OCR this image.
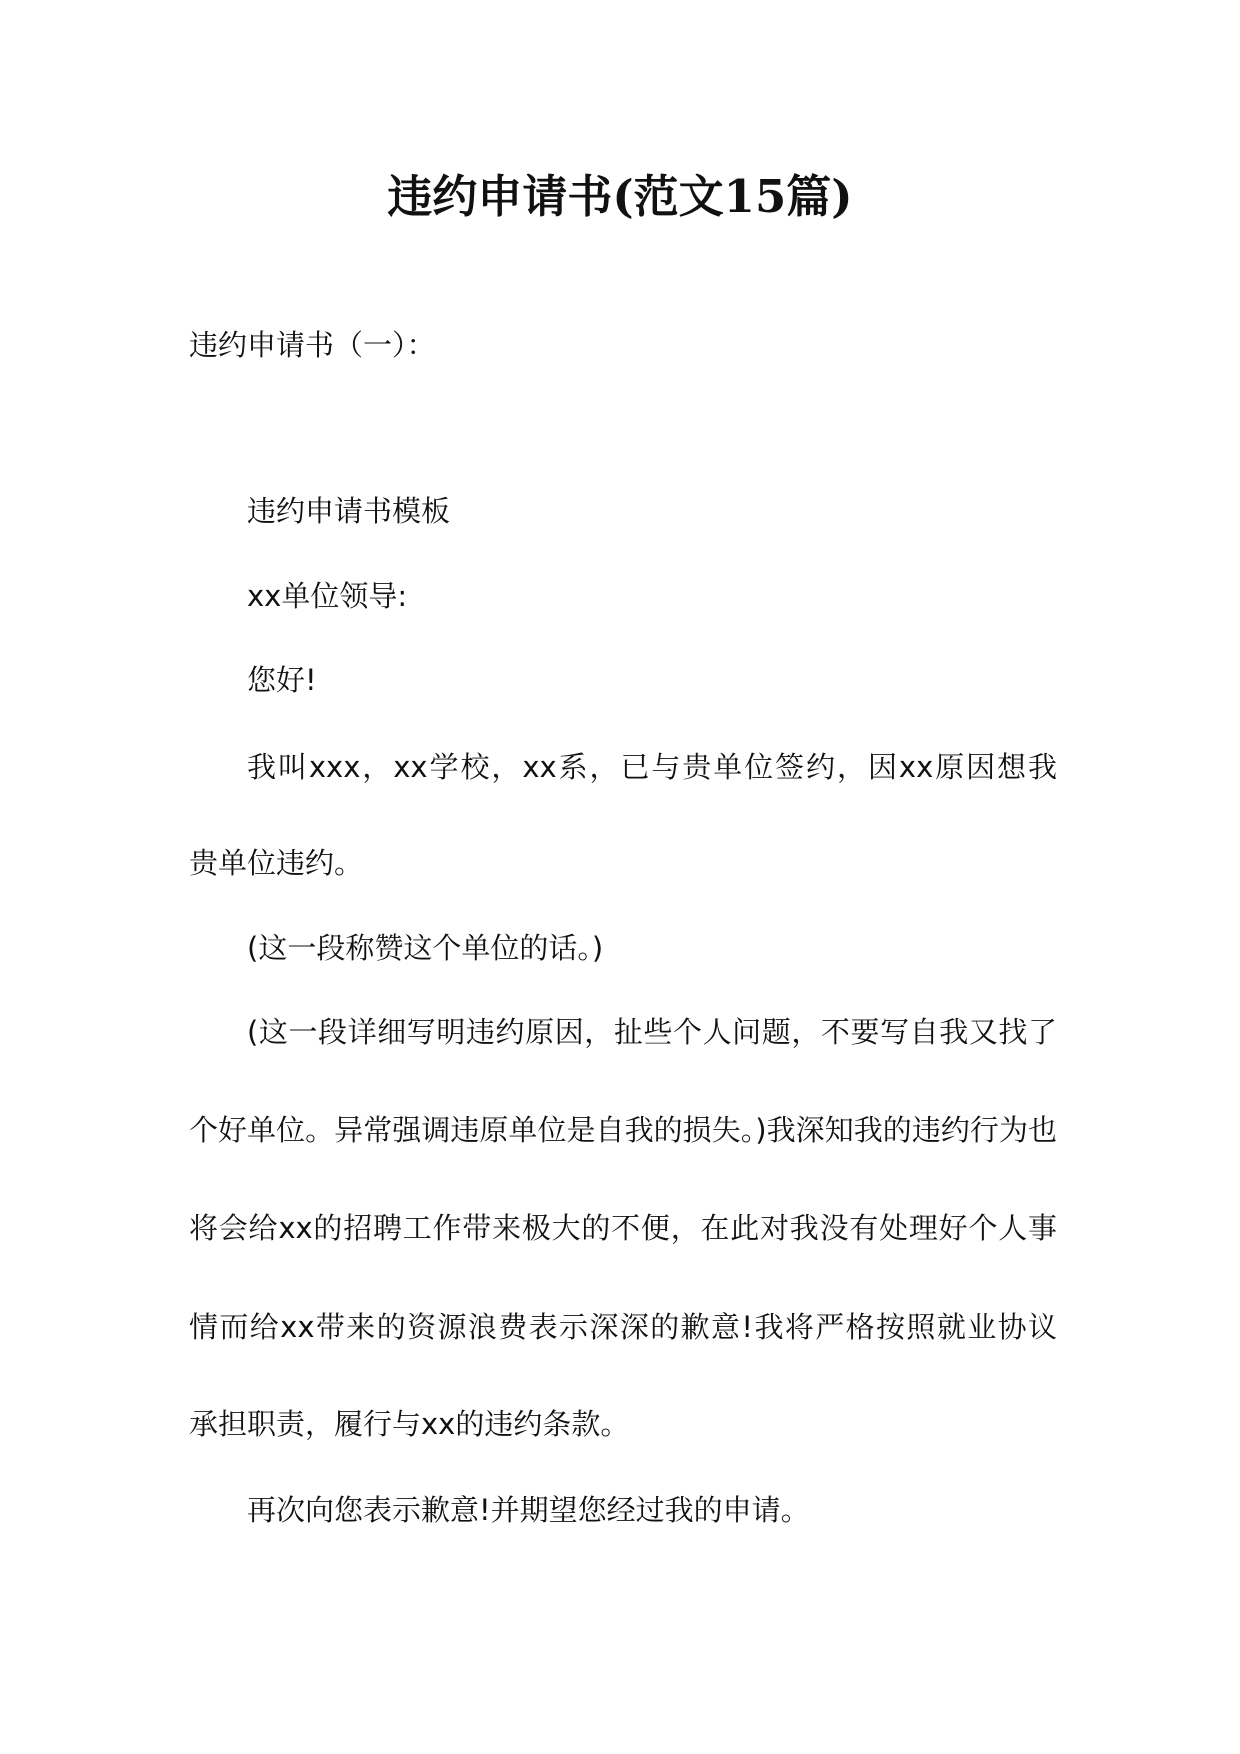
违约申请书(范文15篇)
违约申请书（一）：
违约申请书模板
xx单位领导:
您好!
我叫xxx，xx学校，xx系，已与贵单位签约，因xx原因想我
贵单位违约。
(这一段称赞这个单位的话。)
(这一段详细写明违约原因，扯些个人问题，不要写自我又找了
个好单位。异常强调违原单位是自我的损失。)我深知我的违约行为也
将会给xx的招聘工作带来极大的不便，在此对我没有处理好个人事
情而给xx带来的资源浪费表示深深的歉意!我将严格按照就业协议
承担职责，履行与xx的违约条款。
再次向您表示歉意!并期望您经过我的申请。
